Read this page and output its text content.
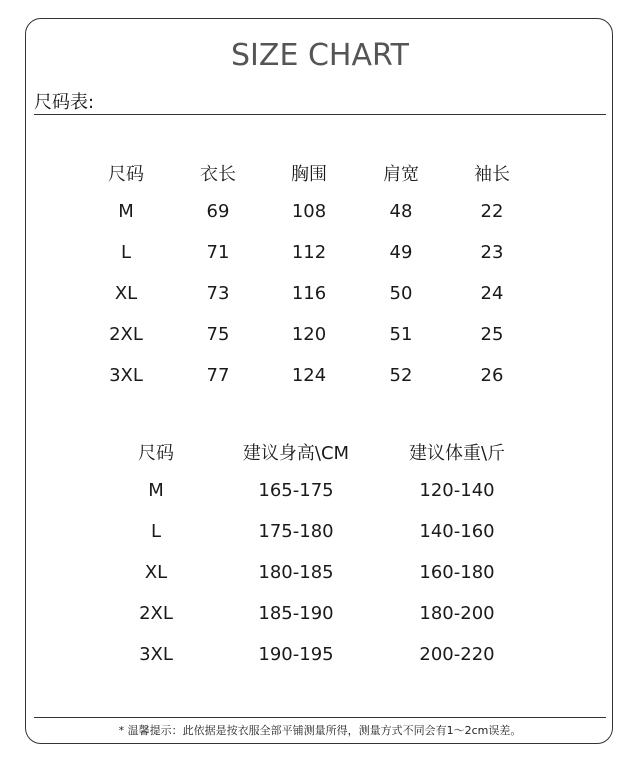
SIZE CHART
尺码表:
尺码	衣长	胸围	肩宽	袖长
M	69	108	48	22
L	71	112	49	23
XL	73	116	50	24
2XL	75	120	51	25
3XL	77	124	52	26
尺码	建议身高\CM	建议体重\斤
M	165-175	120-140
L	175-180	140-160
XL	180-185	160-180
2XL	185-190	180-200
3XL	190-195	200-220
* 温馨提示：此依据是按衣服全部平铺测量所得，测量方式不同会有1～2cm误差。
